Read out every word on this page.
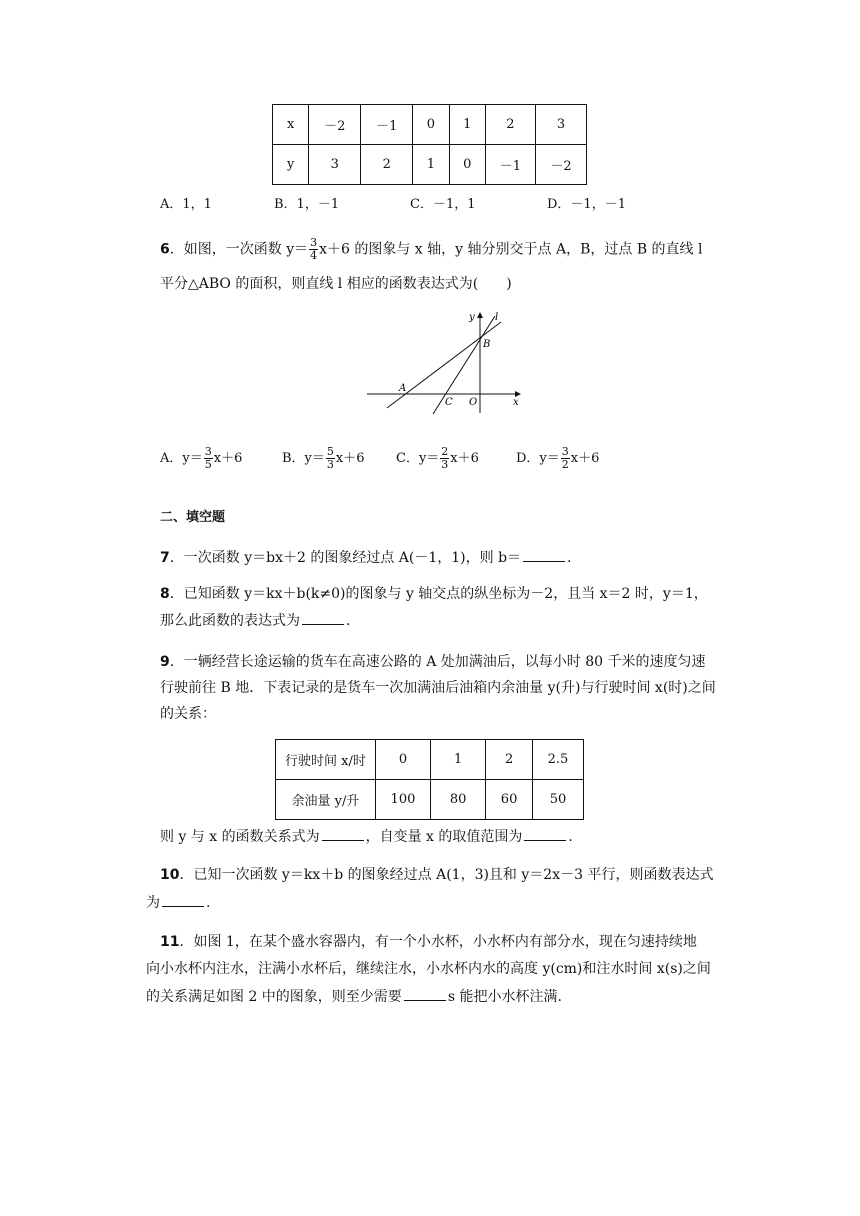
x	－2	－1	0	1	2	3
y	3	2	1	0	－1	－2
A．1，1	B．1，－1	C．－1，1	D．－1，－1
6．如图，一次函数 $y= \frac{3}{4} x+6$ 的图象与 x 轴，y 轴分别交于点 A，B，过点 B 的直线 l
平分△ABO 的面积，则直线 l 相应的函数表达式为(　　)
y l
B
A
C O	x
A．$y= \frac{3}{5} x+6$	B．$y= \frac{5}{3} x+6$ C．$y= \frac{2}{3} x+6$	D．$y= \frac{3}{2} x+6$
二、填空题
7．一次函数 y＝bx＋2 的图象经过点 A(－1，1)，则 b＝	.
8．已知函数 y＝kx＋b(k≠0)的图象与 y 轴交点的纵坐标为－2，且当 x＝2 时，y＝1，
那么此函数的表达式为	.
9．一辆经营长途运输的货车在高速公路的 A 处加满油后，以每小时 80 千米的速度匀速
行驶前往 B 地．下表记录的是货车一次加满油后油箱内余油量 y(升)与行驶时间 x(时)之间
的关系：
行驶时间 x/时	0	1	2	2.5
余油量 y/升	100	80	60	50
则 y 与 x 的函数关系式为	，自变量 x 的取值范围为	.
10．已知一次函数 y＝kx＋b 的图象经过点 A(1，3)且和 y＝2x－3 平行，则函数表达式
为	.
11．如图 1，在某个盛水容器内，有一个小水杯，小水杯内有部分水，现在匀速持续地
向小水杯内注水，注满小水杯后，继续注水，小水杯内水的高度 y(cm)和注水时间 x(s)之间
的关系满足如图 2 中的图象，则至少需要	s 能把小水杯注满.
